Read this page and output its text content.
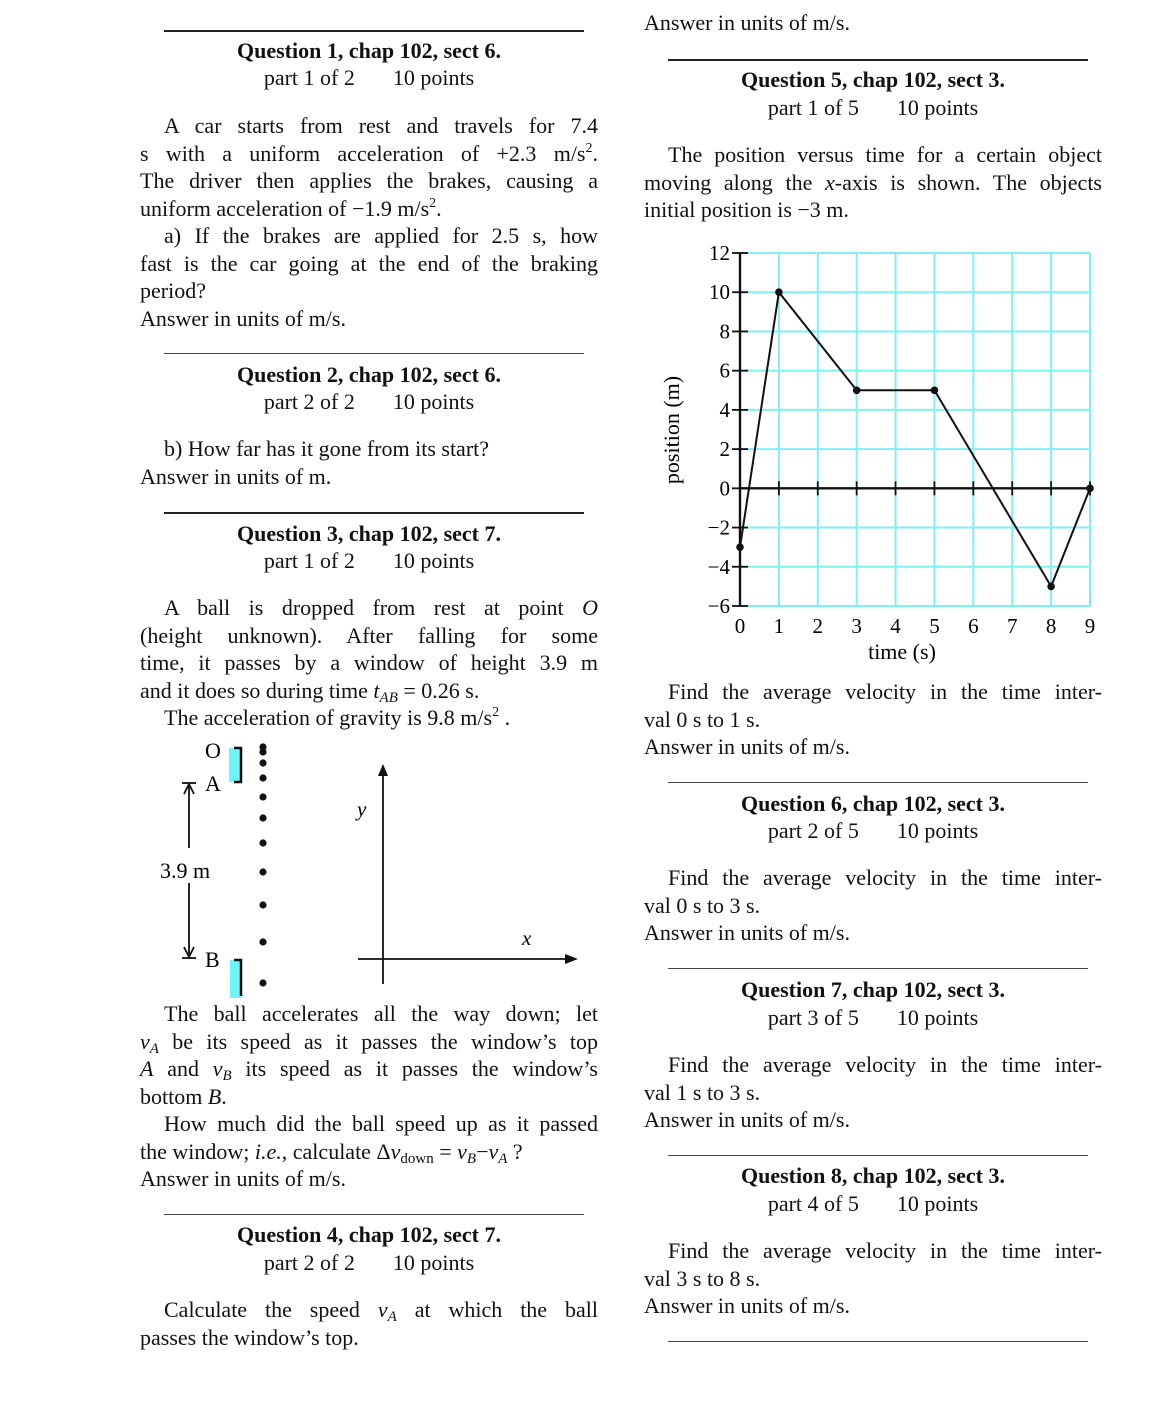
Question 1, chap 102, sect 6.
part 1 of 2 10 points
A car starts from rest and travels for 7.4
s with a uniform acceleration of +2.3 $m/s^2$.
The driver then applies the brakes, causing a
uniform acceleration of −1.9 $m/s^2$.
a) If the brakes are applied for 2.5 s, how
fast is the car going at the end of the braking
period?
Answer in units of m/s.
Question 2, chap 102, sect 6.
part 2 of 2 10 points
b) How far has it gone from its start?
Answer in units of m.
Question 3, chap 102, sect 7.
part 1 of 2 10 points
A ball is dropped from rest at point O
(height unknown). After falling for some
time, it passes by a window of height 3.9 m
and it does so during time $t_{AB} = 0.26$ s.
The acceleration of gravity is 9.8 $m/s^2$ .
O
A
B
3.9 m
y
x
The ball accelerates all the way down; let
$v_A$ be its speed as it passes the window’s top
A and $v_B$ its speed as it passes the window’s
bottom B.
How much did the ball speed up as it passed
the window; i.e., calculate $\Delta v_{down} = v_B-v_A$ ?
Answer in units of m/s.
Question 4, chap 102, sect 7.
part 2 of 2 10 points
Calculate the speed $v_A$ at which the ball
passes the window’s top.
Answer in units of m/s.
Question 5, chap 102, sect 3.
part 1 of 5 10 points
The position versus time for a certain object
moving along the x-axis is shown. The objects
initial position is −3 m.
12
10
8
6
4
2
0
−2
−4
−6
0 1 2 3 4 5 6 7 8 9
time (s)
position (m)
Find the average velocity in the time inter-
val 0 s to 1 s.
Answer in units of m/s.
Question 6, chap 102, sect 3.
part 2 of 5 10 points
Find the average velocity in the time inter-
val 0 s to 3 s.
Answer in units of m/s.
Question 7, chap 102, sect 3.
part 3 of 5 10 points
Find the average velocity in the time inter-
val 1 s to 3 s.
Answer in units of m/s.
Question 8, chap 102, sect 3.
part 4 of 5 10 points
Find the average velocity in the time inter-
val 3 s to 8 s.
Answer in units of m/s.
